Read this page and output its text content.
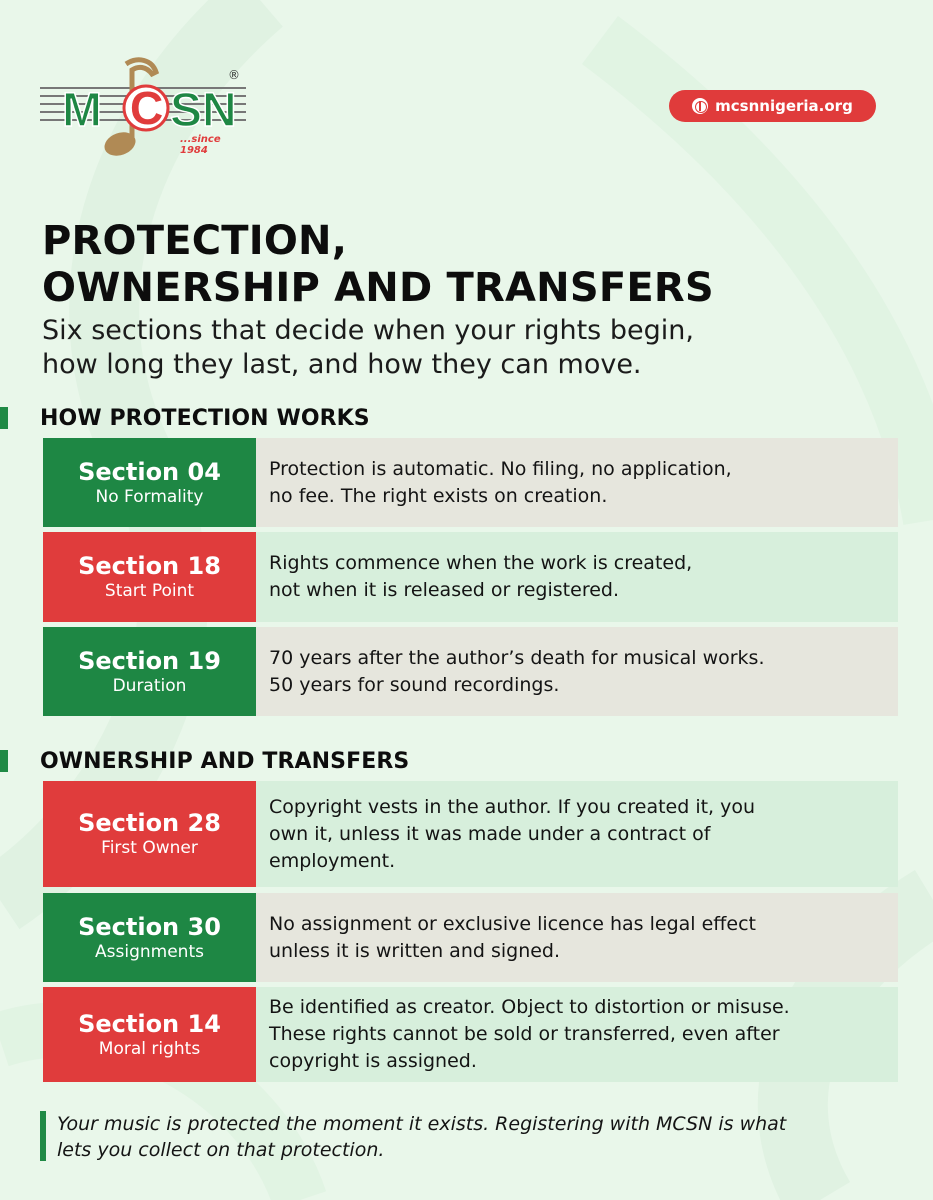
M C SN
®
...since 1984
mcsnnigeria.org
PROTECTION,
OWNERSHIP AND TRANSFERS
Six sections that decide when your rights begin,
how long they last, and how they can move.
HOW PROTECTION WORKS
Section 04
No Formality
Protection is automatic. No filing, no application,
no fee. The right exists on creation.
Section 18
Start Point
Rights commence when the work is created,
not when it is released or registered.
Section 19
Duration
70 years after the author’s death for musical works.
50 years for sound recordings.
OWNERSHIP AND TRANSFERS
Section 28
First Owner
Copyright vests in the author. If you created it, you
own it, unless it was made under a contract of
employment.
Section 30
Assignments
No assignment or exclusive licence has legal effect
unless it is written and signed.
Section 14
Moral rights
Be identified as creator. Object to distortion or misuse.
These rights cannot be sold or transferred, even after
copyright is assigned.
Your music is protected the moment it exists. Registering with MCSN is what
lets you collect on that protection.
